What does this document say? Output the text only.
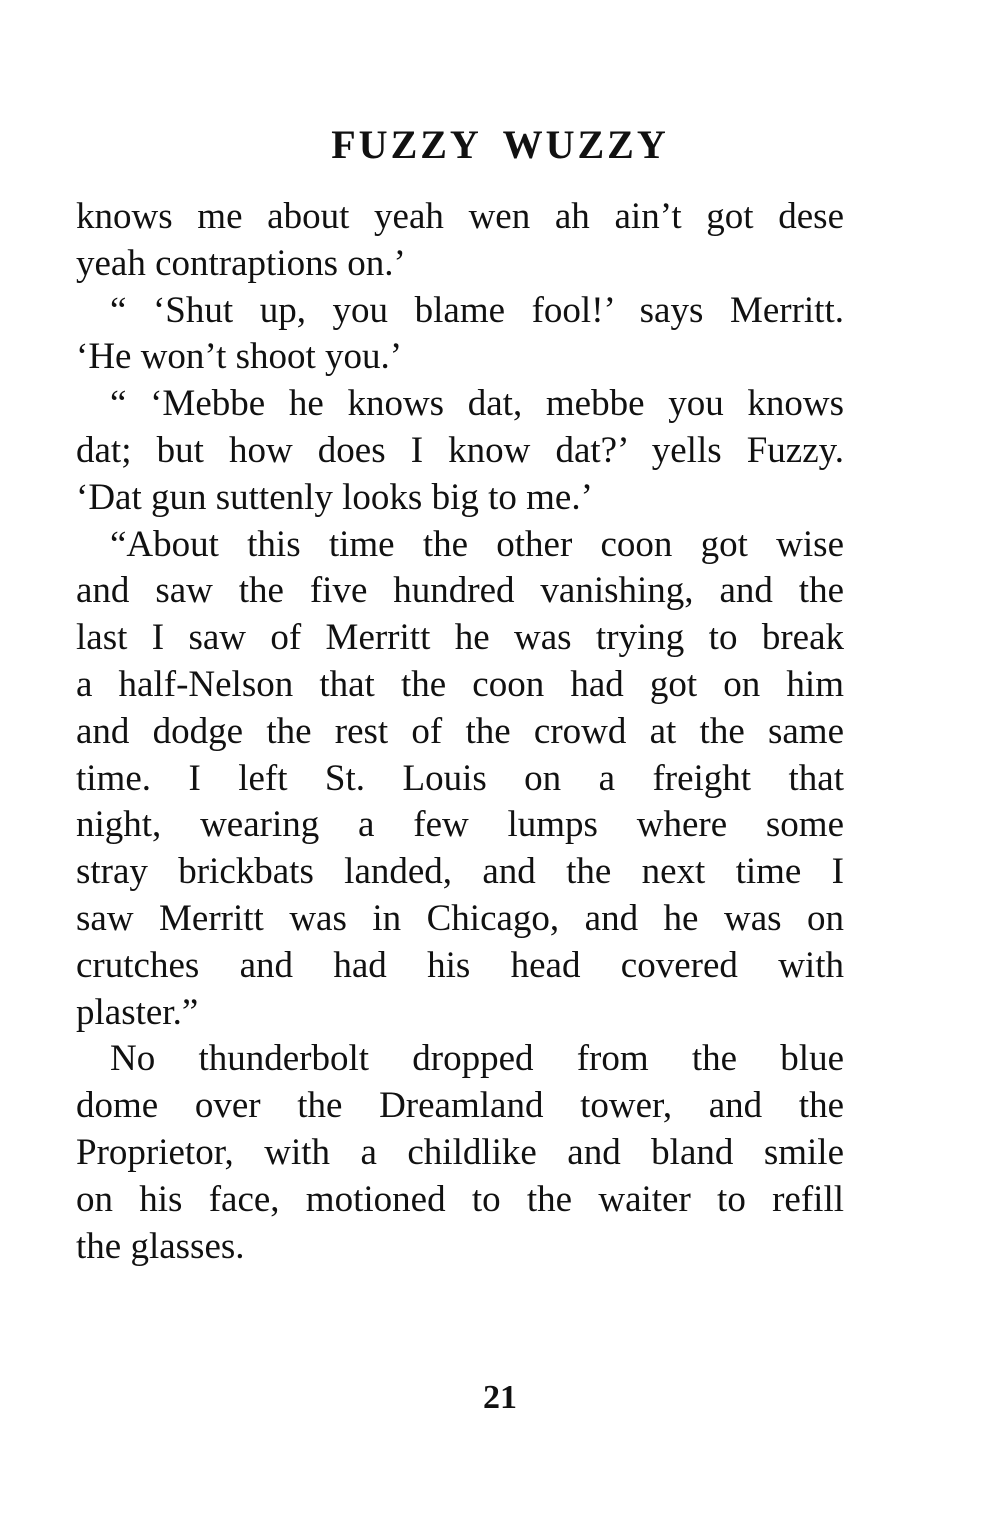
FUZZY WUZZY

knows me about yeah wen ah ain’t got dese
yeah contraptions on.’

“ ‘Shut up, you blame fool!’ says Merritt.
‘He won’t shoot you.’

“ ‘Mebbe he knows dat, mebbe you knows
dat; but how does I know dat?’ yells Fuzzy.
‘Dat gun suttenly looks big to me.’

“About this time the other coon got wise
and saw the five hundred vanishing, and the
last I saw of Merritt he was trying to break
a half-Nelson that the coon had got on him
and dodge the rest of the crowd at the same
time. I left St. Louis on a freight that
night, wearing a few lumps where some
stray brickbats landed, and the next time I
saw Merritt was in Chicago, and he was on
crutches and had his head covered with
plaster.”

No thunderbolt dropped from the blue
dome over the Dreamland tower, and the
Proprietor, with a childlike and bland smile
on his face, motioned to the waiter to refill
the glasses.

21
